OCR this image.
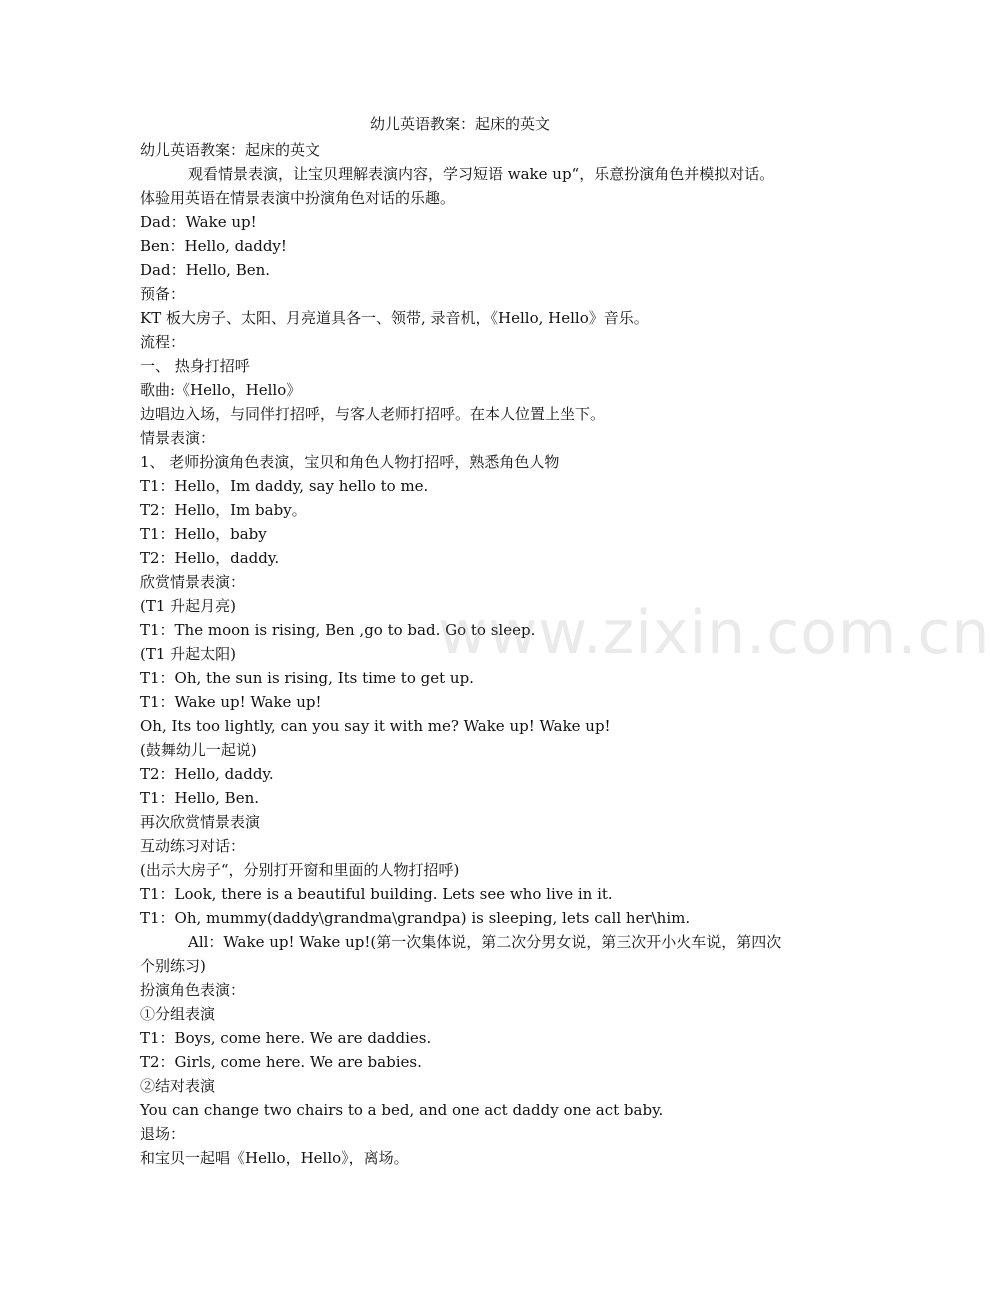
幼儿英语教案：起床的英文

幼儿英语教案：起床的英文

观看情景表演，让宝贝理解表演内容，学习短语 wake up“，乐意扮演角色并模拟对话。体验用英语在情景表演中扮演角色对话的乐趣。

Dad：Wake up!

Ben：Hello, daddy!

Dad：Hello, Ben.

预备：

KT 板大房子、太阳、月亮道具各一、领带, 录音机，《Hello, Hello》音乐。

流程：

一、 热身打招呼

歌曲:《Hello，Hello》

边唱边入场，与同伴打招呼，与客人老师打招呼。在本人位置上坐下。

情景表演：

1、 老师扮演角色表演，宝贝和角色人物打招呼，熟悉角色人物

T1：Hello，Im daddy, say hello to me.

T2：Hello，Im baby。

T1：Hello，baby

T2：Hello，daddy.

欣赏情景表演：

(T1 升起月亮)

T1：The moon is rising, Ben ,go to bad. Go to sleep.

(T1 升起太阳)

T1：Oh, the sun is rising, Its time to get up.

T1：Wake up! Wake up!

Oh, Its too lightly, can you say it with me? Wake up! Wake up!

(鼓舞幼儿一起说)

T2：Hello, daddy.

T1：Hello, Ben.

再次欣赏情景表演

互动练习对话：

(出示大房子“，分别打开窗和里面的人物打招呼)

T1：Look, there is a beautiful building. Lets see who live in it.

T1：Oh, mummy(daddy\grandma\grandpa) is sleeping, lets call her\him.

All：Wake up! Wake up!(第一次集体说，第二次分男女说，第三次开小火车说，第四次个别练习)

扮演角色表演：

①分组表演

T1：Boys, come here. We are daddies.

T2：Girls, come here. We are babies.

②结对表演

You can change two chairs to a bed, and one act daddy one act baby.

退场：

和宝贝一起唱《Hello，Hello》，离场。

www.zixin.com.cn
